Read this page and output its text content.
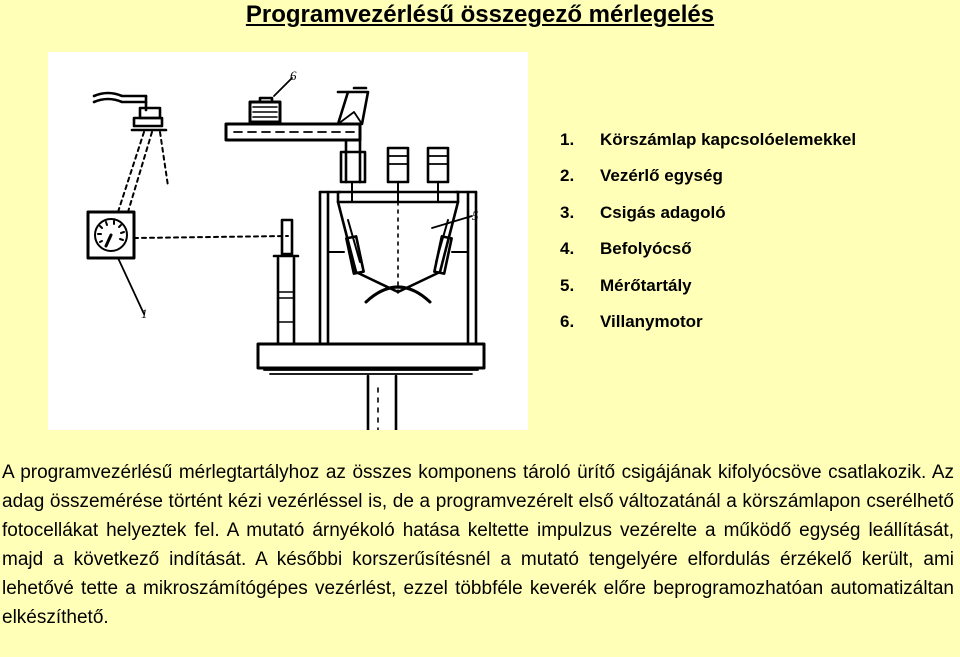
Programvezérlésű összegező mérlegelés
1
6
5
1. Körszámlap kapcsolóelemekkel
2. Vezérlő egység
3. Csigás adagoló
4. Befolyócső
5. Mérőtartály
6. Villanymotor

A programvezérlésű mérlegtartályhoz az összes komponens tároló ürítő csigájának kifolyócsöve csatlakozik. Az adag összemérése történt kézi vezérléssel is, de a programvezérelt első változatánál a körszámlapon cserélhető fotocellákat helyeztek fel. A mutató árnyékoló hatása keltette impulzus vezérelte a működő egység leállítását, majd a következő indítását. A későbbi korszerűsítésnél a mutató tengelyére elfordulás érzékelő került, ami lehetővé tette a mikroszámítógépes vezérlést, ezzel többféle keverék előre beprogramozhatóan automatizáltan elkészíthető.
